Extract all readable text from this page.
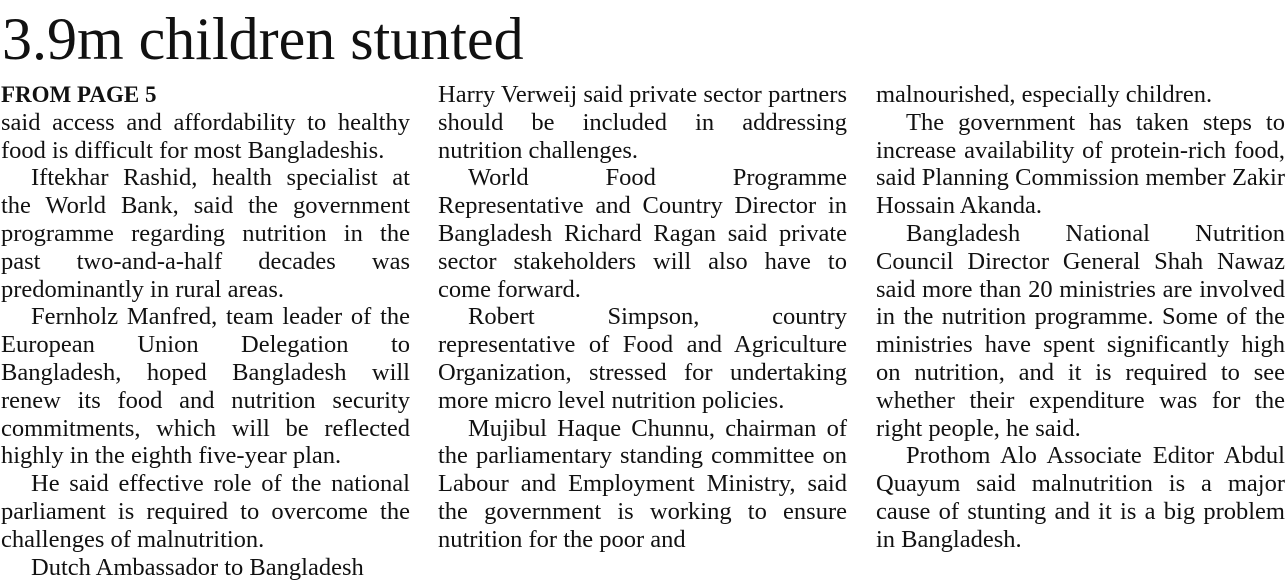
3.9m children stunted
FROM PAGE 5

said access and affordability to healthy food is difficult for most Bangladeshis.

Iftekhar Rashid, health specialist at the World Bank, said the government programme regarding nutrition in the past two-and-a-half decades was predominantly in rural areas.

Fernholz Manfred, team leader of the European Union Delegation to Bangladesh, hoped Bangladesh will renew its food and nutrition security commitments, which will be reflected highly in the eighth five-year plan.

He said effective role of the national parliament is required to overcome the challenges of malnutrition.

Dutch Ambassador to Bangladesh

Harry Verweij said private sector partners should be included in addressing nutrition challenges.

World Food Programme Representative and Country Director in Bangladesh Richard Ragan said private sector stakeholders will also have to come forward.

Robert Simpson, country representative of Food and Agriculture Organization, stressed for undertaking more micro level nutrition policies.

Mujibul Haque Chunnu, chairman of the parliamentary standing committee on Labour and Employment Ministry, said the government is working to ensure nutrition for the poor and

malnourished, especially children.

The government has taken steps to increase availability of protein-rich food, said Planning Commission member Zakir Hossain Akanda.

Bangladesh National Nutrition Council Director General Shah Nawaz said more than 20 ministries are involved in the nutrition programme. Some of the ministries have spent significantly high on nutrition, and it is required to see whether their expenditure was for the right people, he said.

Prothom Alo Associate Editor Abdul Quayum said malnutrition is a major cause of stunting and it is a big problem in Bangladesh.
